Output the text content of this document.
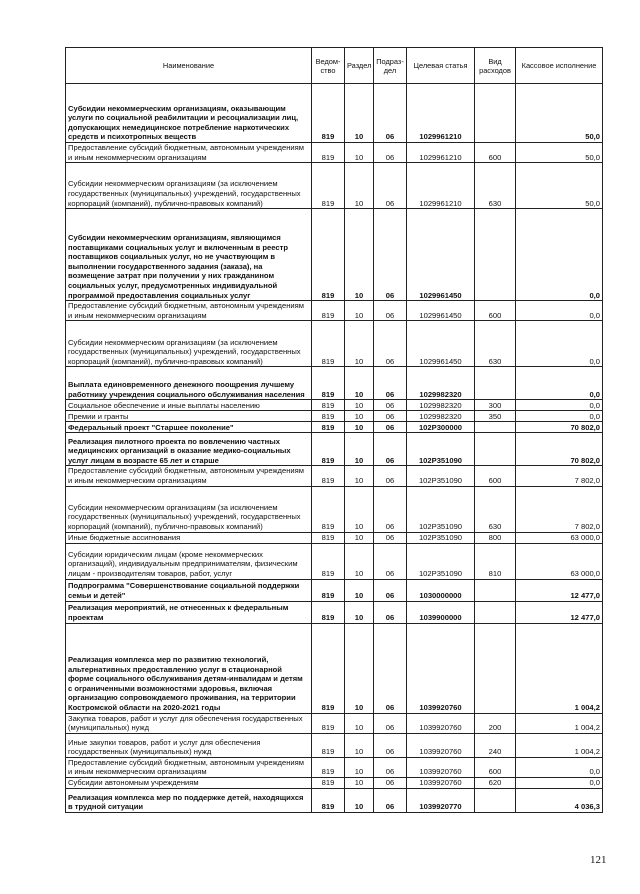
Наименование	Ведом-ство	Раздел	Подраз-дел	Целевая статья	Вид расходов	Кассовое исполнение
Субсидии некоммерческим организациям, оказывающим услуги по социальной реабилитации и ресоциализации лиц, допускающих немедицинское потребление наркотических средств и психотропных веществ	819	10	06	1029961210		50,0
Предоставление субсидий бюджетным, автономным учреждениям и иным некоммерческим организациям	819	10	06	1029961210	600	50,0
Субсидии некоммерческим организациям (за исключением государственных (муниципальных) учреждений, государственных корпораций (компаний), публично-правовых компаний)	819	10	06	1029961210	630	50,0
Субсидии некоммерческим организациям, являющимся поставщиками социальных услуг и включенным в реестр поставщиков социальных услуг, но не участвующим в выполнении государственного задания (заказа), на возмещение затрат при получении у них гражданином социальных услуг, предусмотренных индивидуальной программой предоставления социальных услуг	819	10	06	1029961450		0,0
Предоставление субсидий бюджетным, автономным учреждениям и иным некоммерческим организациям	819	10	06	1029961450	600	0,0
Субсидии некоммерческим организациям (за исключением государственных (муниципальных) учреждений, государственных корпораций (компаний), публично-правовых компаний)	819	10	06	1029961450	630	0,0
Выплата единовременного денежного поощрения лучшему работнику учреждения социального обслуживания населения	819	10	06	1029982320		0,0
Социальное обеспечение и иные выплаты населению	819	10	06	1029982320	300	0,0
Премии и гранты	819	10	06	1029982320	350	0,0
Федеральный проект "Старшее поколение"	819	10	06	102P300000		70 802,0
Реализация пилотного проекта по вовлечению частных медицинских организаций в оказание медико-социальных услуг лицам в возрасте 65 лет и старше	819	10	06	102P351090		70 802,0
Предоставление субсидий бюджетным, автономным учреждениям и иным некоммерческим организациям	819	10	06	102P351090	600	7 802,0
Субсидии некоммерческим организациям (за исключением государственных (муниципальных) учреждений, государственных корпораций (компаний), публично-правовых компаний)	819	10	06	102P351090	630	7 802,0
Иные бюджетные ассигнования	819	10	06	102P351090	800	63 000,0
Субсидии юридическим лицам (кроме некоммерческих организаций), индивидуальным предпринимателям, физическим лицам - производителям товаров, работ, услуг	819	10	06	102P351090	810	63 000,0
Подпрограмма "Совершенствование социальной поддержки семьи и детей"	819	10	06	1030000000		12 477,0
Реализация мероприятий, не отнесенных к федеральным проектам	819	10	06	1039900000		12 477,0
Реализация комплекса мер по развитию технологий, альтернативных предоставлению услуг в стационарной форме социального обслуживания детям-инвалидам и детям с ограниченными возможностями здоровья, включая организацию сопровождаемого проживания, на территории Костромской области на 2020-2021 годы	819	10	06	1039920760		1 004,2
Закупка товаров, работ и услуг для обеспечения государственных (муниципальных) нужд	819	10	06	1039920760	200	1 004,2
Иные закупки товаров, работ и услуг для обеспечения государственных (муниципальных) нужд	819	10	06	1039920760	240	1 004,2
Предоставление субсидий бюджетным, автономным учреждениям и иным некоммерческим организациям	819	10	06	1039920760	600	0,0
Субсидии автономным учреждениям	819	10	06	1039920760	620	0,0
Реализация комплекса мер по поддержке детей, находящихся в трудной ситуации	819	10	06	1039920770		4 036,3
121
